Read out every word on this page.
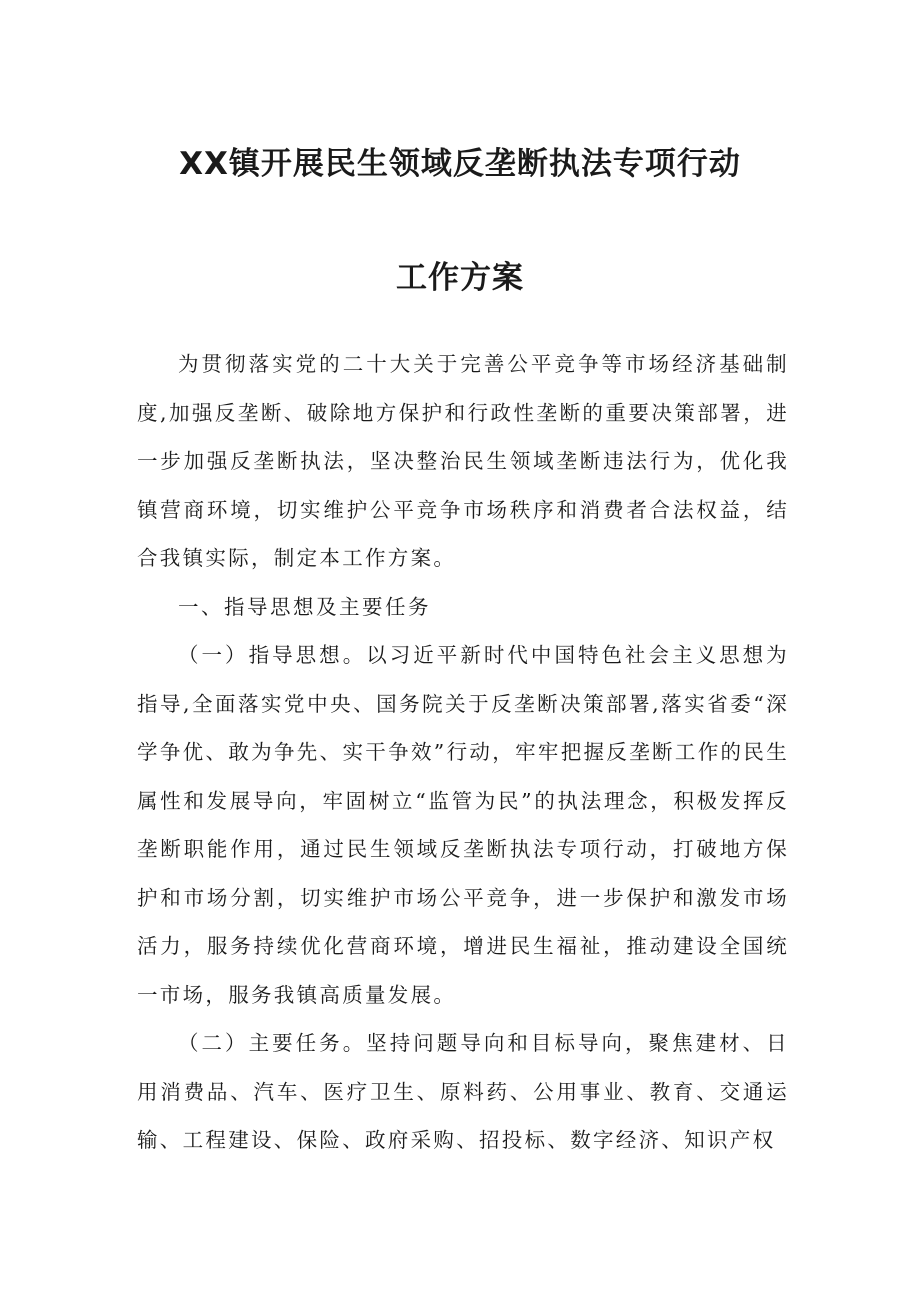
XX镇开展民生领域反垄断执法专项行动
工作方案

为贯彻落实党的二十大关于完善公平竞争等市场经济基础制度,加强反垄断、破除地方保护和行政性垄断的重要决策部署，进一步加强反垄断执法，坚决整治民生领域垄断违法行为，优化我镇营商环境，切实维护公平竞争市场秩序和消费者合法权益，结合我镇实际，制定本工作方案。

一、指导思想及主要任务

（一）指导思想。以习近平新时代中国特色社会主义思想为指导,全面落实党中央、国务院关于反垄断决策部署,落实省委“深学争优、敢为争先、实干争效”行动，牢牢把握反垄断工作的民生属性和发展导向，牢固树立“监管为民”的执法理念，积极发挥反垄断职能作用，通过民生领域反垄断执法专项行动，打破地方保护和市场分割，切实维护市场公平竞争，进一步保护和激发市场活力，服务持续优化营商环境，增进民生福祉，推动建设全国统一市场，服务我镇高质量发展。

（二）主要任务。坚持问题导向和目标导向，聚焦建材、日用消费品、汽车、医疗卫生、原料药、公用事业、教育、交通运输、工程建设、保险、政府采购、招投标、数字经济、知识产权
